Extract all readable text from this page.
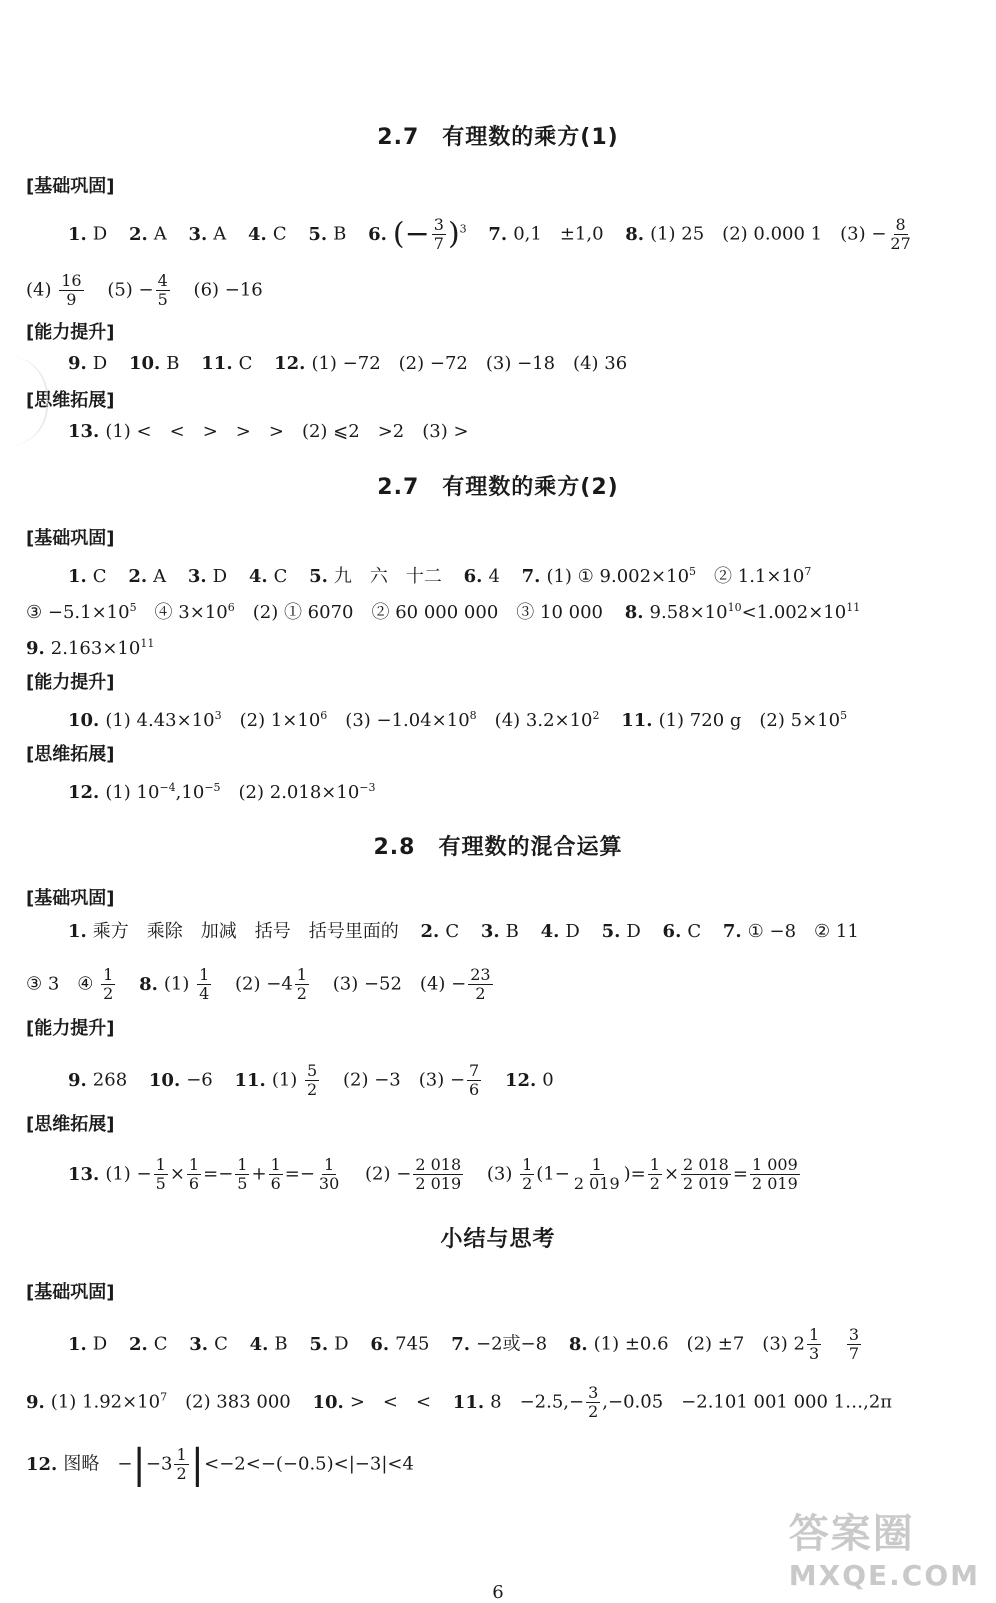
2.7　有理数的乘方(1)
[基础巩固]
1. D 2. A 3. A 4. C 5. B 6. (− $\frac{3}{7} )^3$ 7. 0,1　±1,0 8. (1) 25　(2) 0.000 1　$(3) - \frac{8}{27}$
$(4) \frac{16}{9} (5) - \frac{4}{5} (6) -16$
[能力提升]
9. D 10. B 11. C 12. (1) −72　(2) −72　(3) −18　(4) 36
[思维拓展]
13. (1) <　<　>　>　>　(2) ⩽2　>2　(3) >
2.7　有理数的乘方(2)
[基础巩固]
1. C 2. A 3. D 4. C 5. 九　六　十二 6. 4 7. (1) ① $9.002\times 10^5$　② $1.1\times 10^7$
③ $-5.1\times 10^5$　④ $3\times 10^6$　(2) ① 6070　② 60 000 000　③ 10 000 8. $9.58\times 10^{10}<1.002\times 10^{11}$
9. $2.163\times 10^{11}$
[能力提升]
10. (1) $4.43\times 10^3$　(2) $1\times 10^6$　$(3) -1.04\times 10^8$　(4) $3.2\times 10^2$ 11. (1) 720 g　(2) $5\times 10^5$
[思维拓展]
12. (1) $10^{-4},10^{-5}$　(2) $2.018\times 10^{-3}$
2.8　有理数的混合运算
[基础巩固]
1. 乘方　乘除　加减　括号　括号里面的 2. C 3. B 4. D 5. D 6. C 7. ① −8　② 11
③ 3　④ $\frac{1}{2} 8$. $(1) \frac{1}{4} (2) -4 \frac{1}{2} (3) -52$　$(4) - \frac{23}{2}$
[能力提升]
9. 268 10. −6 11. $(1) \frac{5}{2} (2) -3$　$(3) - \frac{7}{6} 12$. 0
[思维拓展]
13. $(1) - \frac{1}{5} \times \frac{1}{6} =- \frac{1}{5} + \frac{1}{6} =- \frac{1}{30} (2) - \frac{2 018}{2 019} (3) \frac{1}{2} (1- \frac{1}{2 019}$ )= $\frac{1}{2} \times \frac{2 018}{2 019} = \frac{1 009}{2 019}$
小结与思考
[基础巩固]
1. D 2. C 3. C 4. B 5. D 6. 745 7. −2或−8 8. (1) ±0.6　(2) ±7　(3) $2 \frac{1}{3}$
$\frac{3}{7}$
9. (1) $1.92\times 10^7$　(2) 383 000 10. >　<　< 11. 8　$-2.5,- \frac{3}{2}$ ,−0.0̇5̇　−2.101 001 000 1…,2π
12. 图略　$-|-3 \frac{1}{2} |<-2<-(-0.5)<|-3|<4$
6
答案圈
MXQE.COM
